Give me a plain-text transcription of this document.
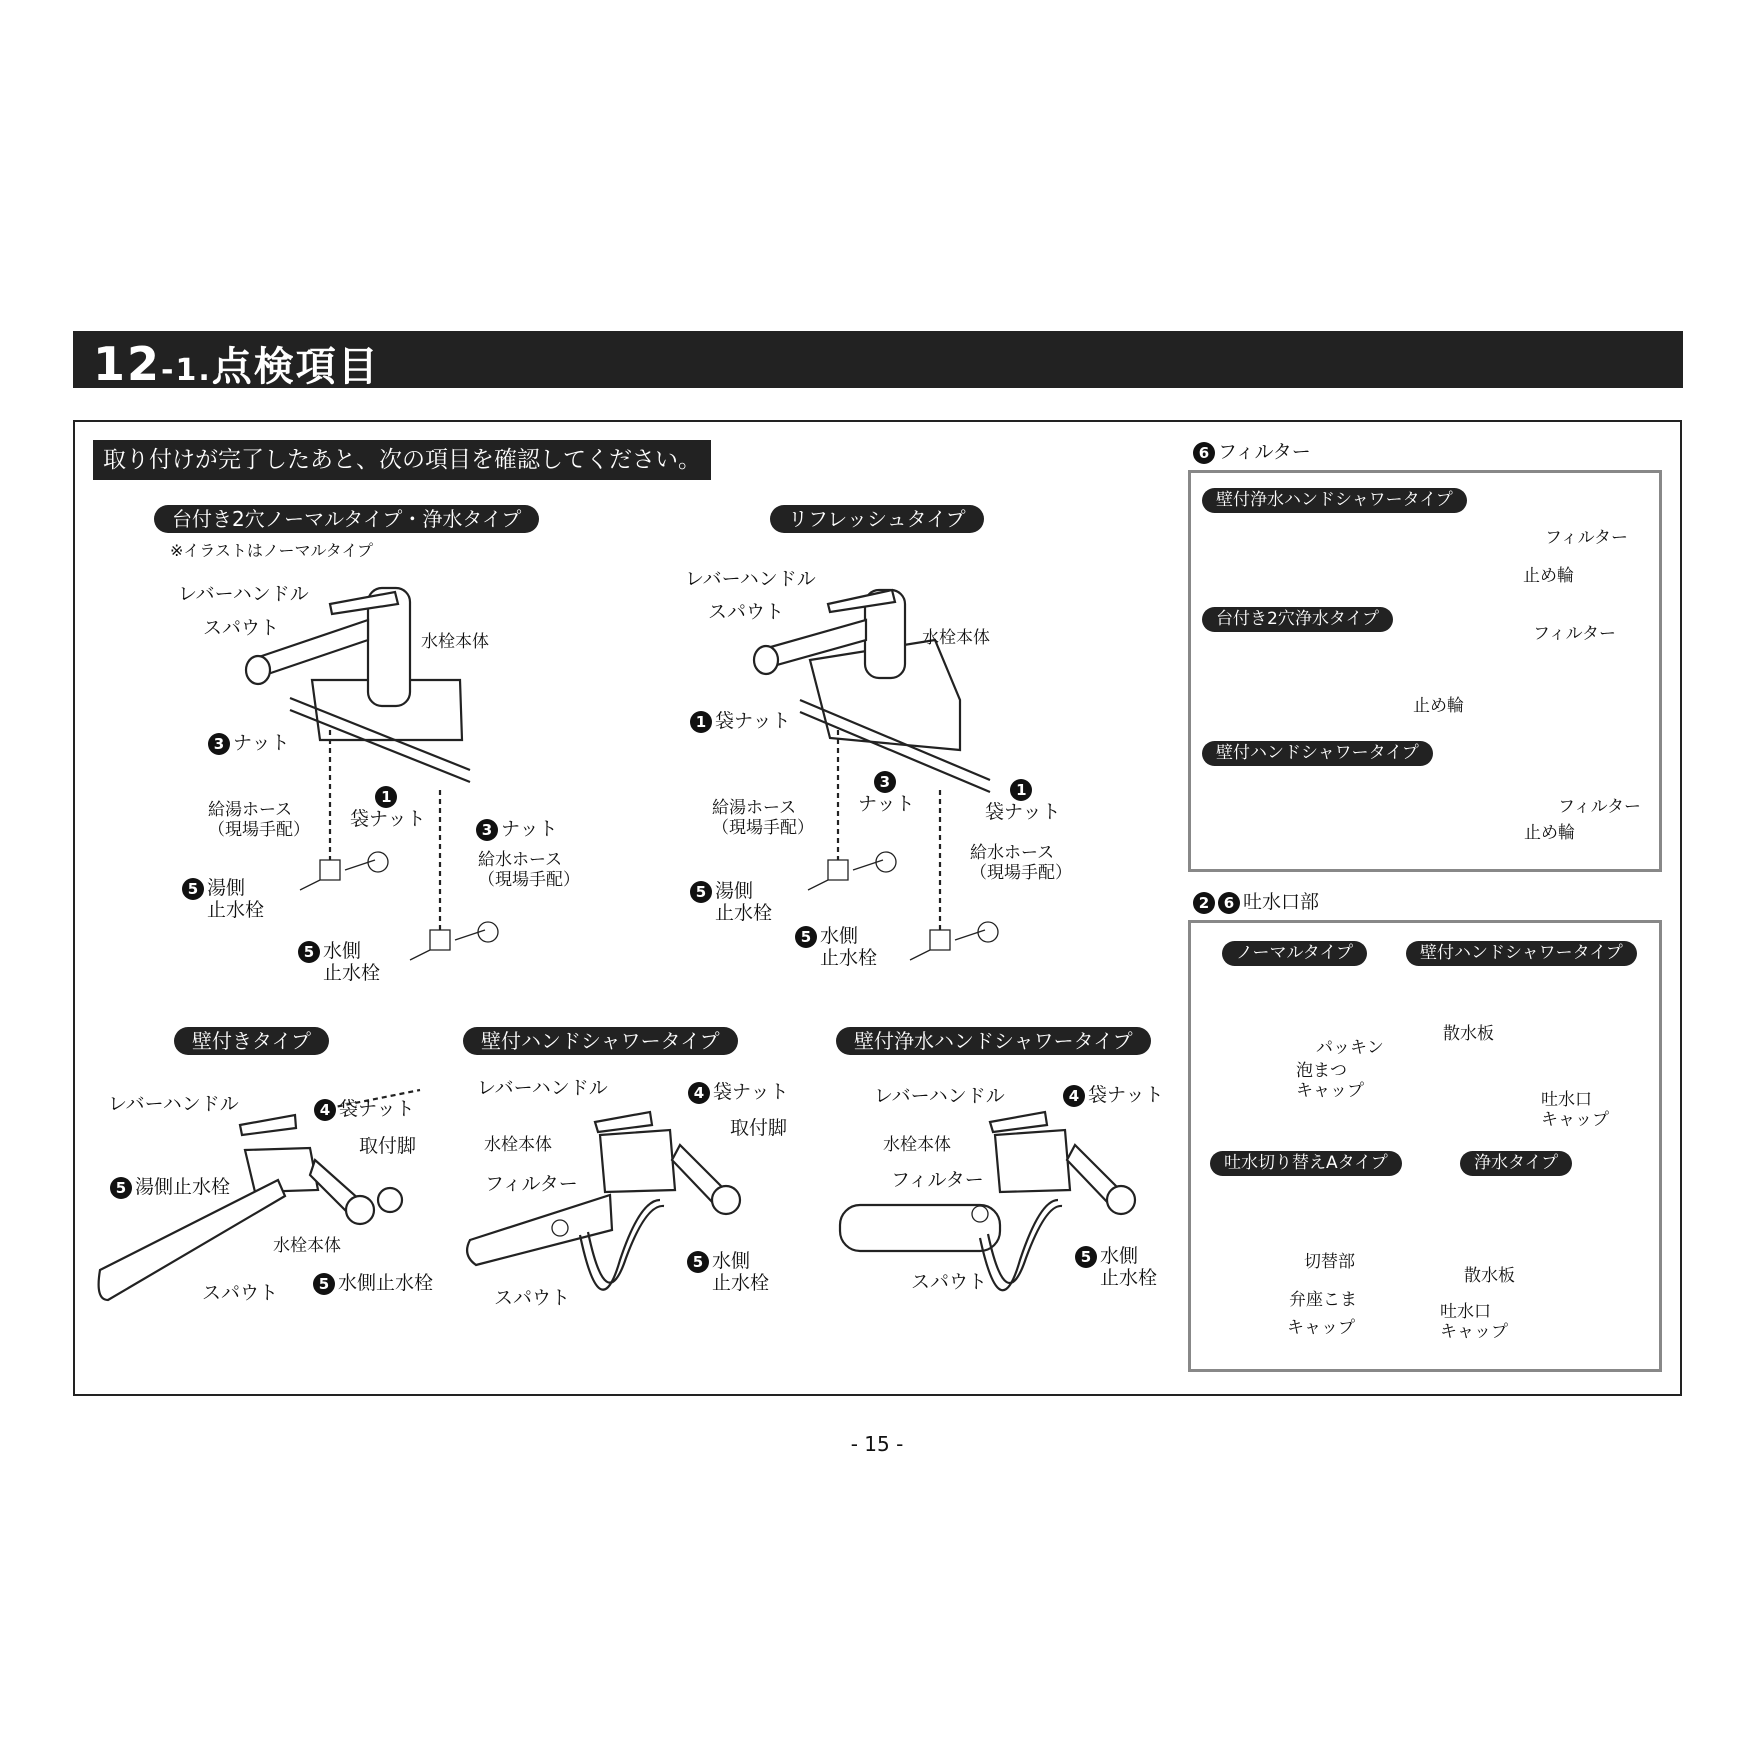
12-1.点検項目
取り付けが完了したあと、次の項目を確認してください。
台付き2穴ノーマルタイプ・浄水タイプ
※イラストはノーマルタイプ
レバーハンドル
スパウト
水栓本体
3 ナット
1
袋ナット	3 ナット
給湯ホース
（現場手配）
給水ホース
（現場手配）
5 湯側
止水栓
5 水側
止水栓
リフレッシュタイプ
レバーハンドル
スパウト
水栓本体
1 袋ナット
3
ナット
1
袋ナット
給湯ホース
（現場手配）
給水ホース
（現場手配）
5 湯側
止水栓
5 水側
止水栓
壁付きタイプ
レバーハンドル	4 袋ナット
取付脚
5 湯側止水栓
水栓本体
スパウト	5 水側止水栓
壁付ハンドシャワータイプ
レバーハンドル	4 袋ナット
取付脚
水栓本体
フィルター
スパウト
5 水側
止水栓
壁付浄水ハンドシャワータイプ
レバーハンドル	4 袋ナット
水栓本体
フィルター
スパウト
5 水側
止水栓
6 フィルター
壁付浄水ハンドシャワータイプ
フィルター
止め輪
台付き2穴浄水タイプ
フィルター
止め輪
壁付ハンドシャワータイプ
フィルター
止め輪
2 6 吐水口部
ノーマルタイプ
パッキン
泡まつ
キャップ
壁付ハンドシャワータイプ
散水板
吐水口
キャップ
吐水切り替えAタイプ
切替部
弁座こま
キャップ
浄水タイプ
散水板
吐水口
キャップ
- 15 -
